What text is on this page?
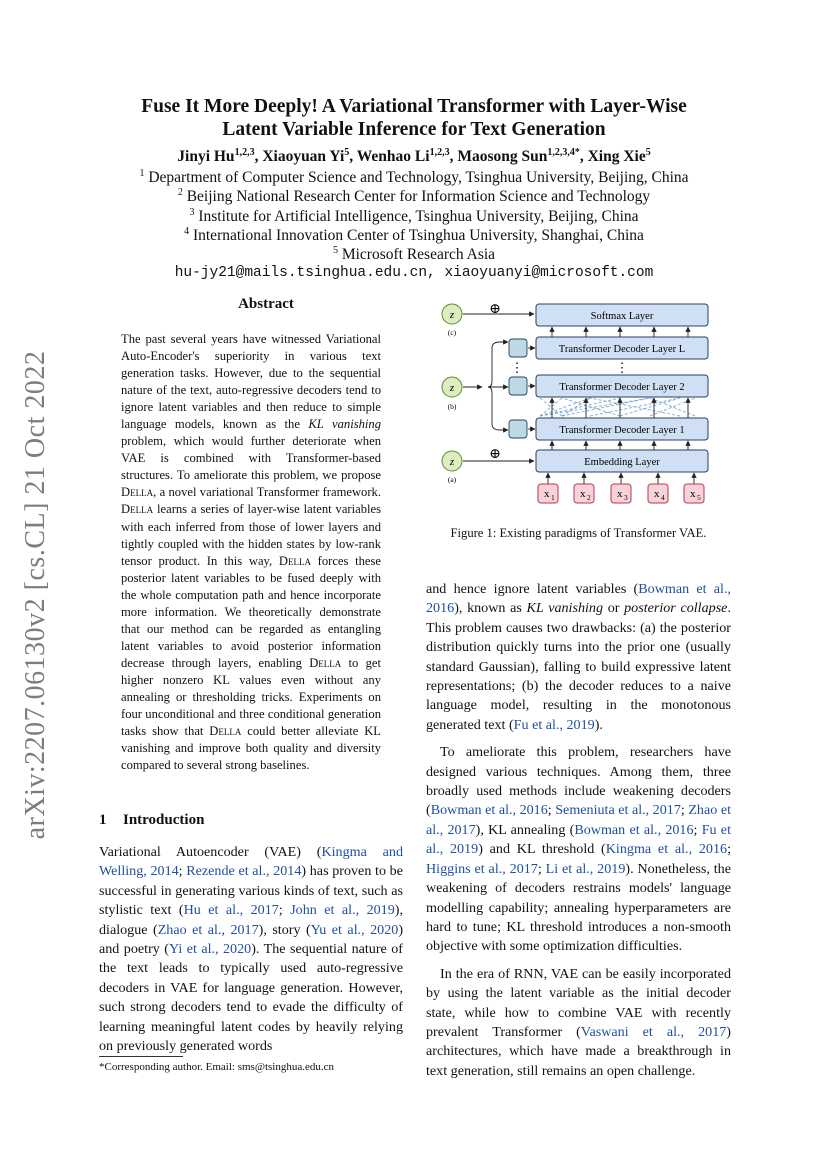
arXiv:2207.06130v2 [cs.CL] 21 Oct 2022
Fuse It More Deeply! A Variational Transformer with Layer-Wise
Latent Variable Inference for Text Generation
Jinyi Hu$^{1,2,3}$, Xiaoyuan Yi$^5$, Wenhao Li$^{1,2,3}$, Maosong Sun$^{1,2,3,4*}$, Xing Xie$^5$
$^1$ Department of Computer Science and Technology, Tsinghua University, Beijing, China
$^2$ Beijing National Research Center for Information Science and Technology
$^3$ Institute for Artificial Intelligence, Tsinghua University, Beijing, China
$^4$ International Innovation Center of Tsinghua University, Shanghai, China
$^5$ Microsoft Research Asia
hu-jy21@mails.tsinghua.edu.cn, xiaoyuanyi@microsoft.com
Abstract
The past several years have witnessed Variational Auto-Encoder's superiority in various text generation tasks. However, due to the sequential nature of the text, auto-regressive decoders tend to ignore latent variables and then reduce to simple language models, known as the KL vanishing problem, which would further deteriorate when VAE is combined with Transformer-based structures. To ameliorate this problem, we propose Della, a novel variational Transformer framework. Della learns a series of layer-wise latent variables with each inferred from those of lower layers and tightly coupled with the hidden states by low-rank tensor product. In this way, Della forces these posterior latent variables to be fused deeply with the whole computation path and hence incorporate more information. We theoretically demonstrate that our method can be regarded as entangling latent variables to avoid posterior information decrease through layers, enabling Della to get higher nonzero KL values even without any annealing or thresholding tricks. Experiments on four unconditional and three conditional generation tasks show that Della could better alleviate KL vanishing and improve both quality and diversity compared to several strong baselines.
1 Introduction
Variational Autoencoder (VAE) (Kingma and Welling, 2014; Rezende et al., 2014) has proven to be successful in generating various kinds of text, such as stylistic text (Hu et al., 2017; John et al., 2019), dialogue (Zhao et al., 2017), story (Yu et al., 2020) and poetry (Yi et al., 2020). The sequential nature of the text leads to typically used auto-regressive decoders in VAE for language generation. However, such strong decoders tend to evade the difficulty of learning meaningful latent codes by heavily relying on previously generated words
*Corresponding author. Email: sms@tsinghua.edu.cn
Softmax Layer
Transformer Decoder Layer L
Transformer Decoder Layer 2
Transformer Decoder Layer 1
Embedding Layer
⋮
⋮
z
(c)
z
(b)
z
(a)
⊕
⊕
x 1 x 2 x 3 x 4 x 5
Figure 1: Existing paradigms of Transformer VAE.

and hence ignore latent variables (Bowman et al., 2016), known as KL vanishing or posterior collapse. This problem causes two drawbacks: (a) the posterior distribution quickly turns into the prior one (usually standard Gaussian), falling to build expressive latent representations; (b) the decoder reduces to a naive language model, resulting in the monotonous generated text (Fu et al., 2019).

To ameliorate this problem, researchers have designed various techniques. Among them, three broadly used methods include weakening decoders (Bowman et al., 2016; Semeniuta et al., 2017; Zhao et al., 2017), KL annealing (Bowman et al., 2016; Fu et al., 2019) and KL threshold (Kingma et al., 2016; Higgins et al., 2017; Li et al., 2019). Nonetheless, the weakening of decoders restrains models' language modelling capability; annealing hyperparameters are hard to tune; KL threshold introduces a non-smooth objective with some optimization difficulties.

In the era of RNN, VAE can be easily incorporated by using the latent variable as the initial decoder state, while how to combine VAE with recently prevalent Transformer (Vaswani et al., 2017) architectures, which have made a breakthrough in text generation, still remains an open challenge.
